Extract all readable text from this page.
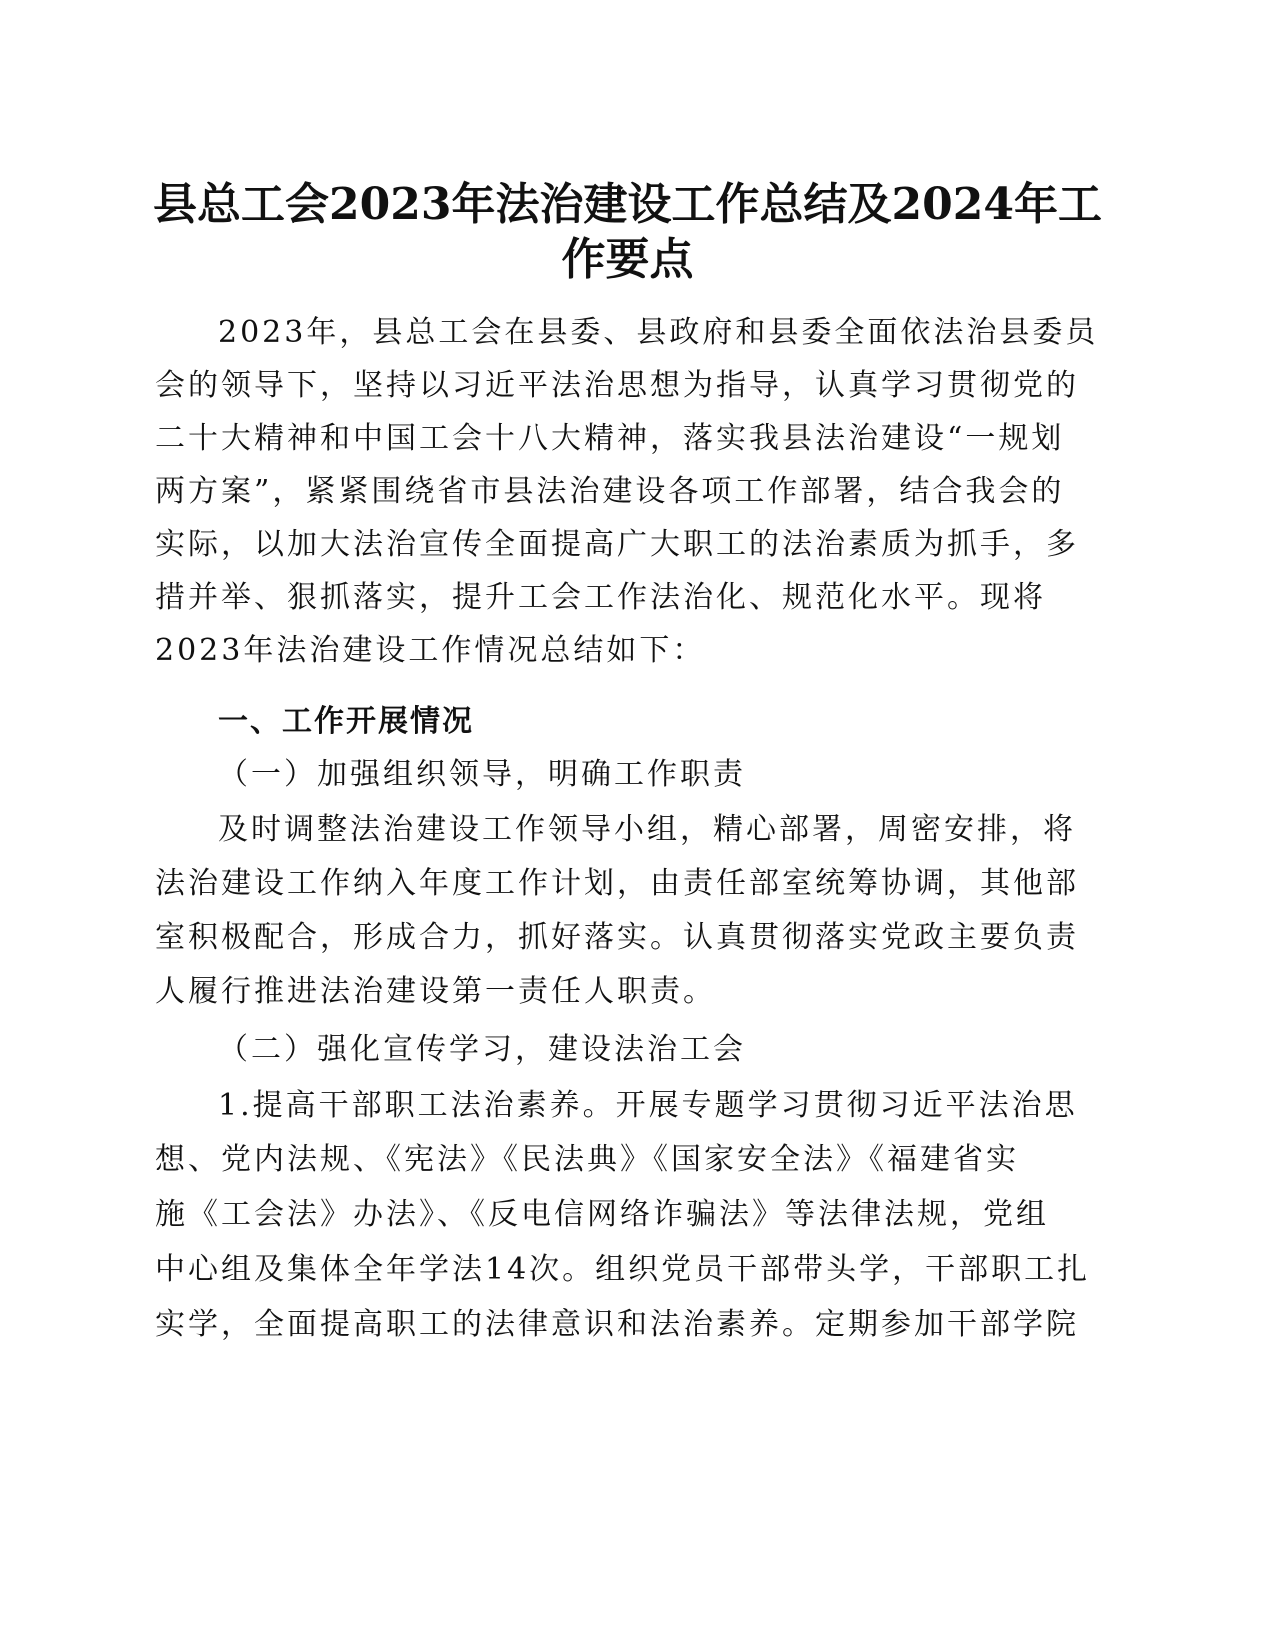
县总工会2023年法治建设工作总结及2024年工
作要点
2023年，县总工会在县委、县政府和县委全面依法治县委员
会的领导下，坚持以习近平法治思想为指导，认真学习贯彻党的
二十大精神和中国工会十八大精神，落实我县法治建设“一规划
两方案”，紧紧围绕省市县法治建设各项工作部署，结合我会的
实际，以加大法治宣传全面提高广大职工的法治素质为抓手，多
措并举、狠抓落实，提升工会工作法治化、规范化水平。现将
2023年法治建设工作情况总结如下：
一、工作开展情况
（一）加强组织领导，明确工作职责
及时调整法治建设工作领导小组，精心部署，周密安排，将
法治建设工作纳入年度工作计划，由责任部室统筹协调，其他部
室积极配合，形成合力，抓好落实。认真贯彻落实党政主要负责
人履行推进法治建设第一责任人职责。
（二）强化宣传学习，建设法治工会
1.提高干部职工法治素养。开展专题学习贯彻习近平法治思
想、党内法规、《宪法》《民法典》《国家安全法》《福建省实
施《工会法》办法》、《反电信网络诈骗法》等法律法规，党组
中心组及集体全年学法14次。组织党员干部带头学，干部职工扎
实学，全面提高职工的法律意识和法治素养。定期参加干部学院
